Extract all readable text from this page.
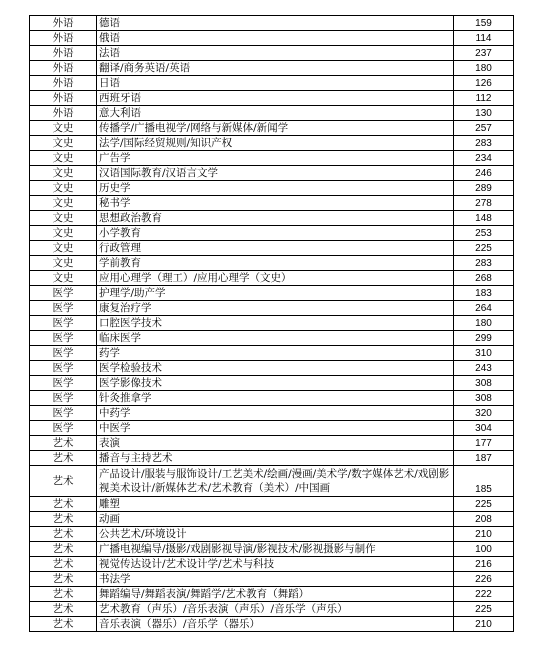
外语	德语	159
外语	俄语	114
外语	法语	237
外语	翻译/商务英语/英语	180
外语	日语	126
外语	西班牙语	112
外语	意大利语	130
文史	传播学/广播电视学/网络与新媒体/新闻学	257
文史	法学/国际经贸规则/知识产权	283
文史	广告学	234
文史	汉语国际教育/汉语言文学	246
文史	历史学	289
文史	秘书学	278
文史	思想政治教育	148
文史	小学教育	253
文史	行政管理	225
文史	学前教育	283
文史	应用心理学（理工）/应用心理学（文史）	268
医学	护理学/助产学	183
医学	康复治疗学	264
医学	口腔医学技术	180
医学	临床医学	299
医学	药学	310
医学	医学检验技术	243
医学	医学影像技术	308
医学	针灸推拿学	308
医学	中药学	320
医学	中医学	304
艺术	表演	177
艺术	播音与主持艺术	187
艺术	产品设计/服装与服饰设计/工艺美术/绘画/漫画/美术学/数字媒体艺术/戏剧影视美术设计/新媒体艺术/艺术教育（美术）/中国画	185
艺术	雕塑	225
艺术	动画	208
艺术	公共艺术/环境设计	210
艺术	广播电视编导/摄影/戏剧影视导演/影视技术/影视摄影与制作	100
艺术	视觉传达设计/艺术设计学/艺术与科技	216
艺术	书法学	226
艺术	舞蹈编导/舞蹈表演/舞蹈学/艺术教育（舞蹈）	222
艺术	艺术教育（声乐）/音乐表演（声乐）/音乐学（声乐）	225
艺术	音乐表演（器乐）/音乐学（器乐）	210
